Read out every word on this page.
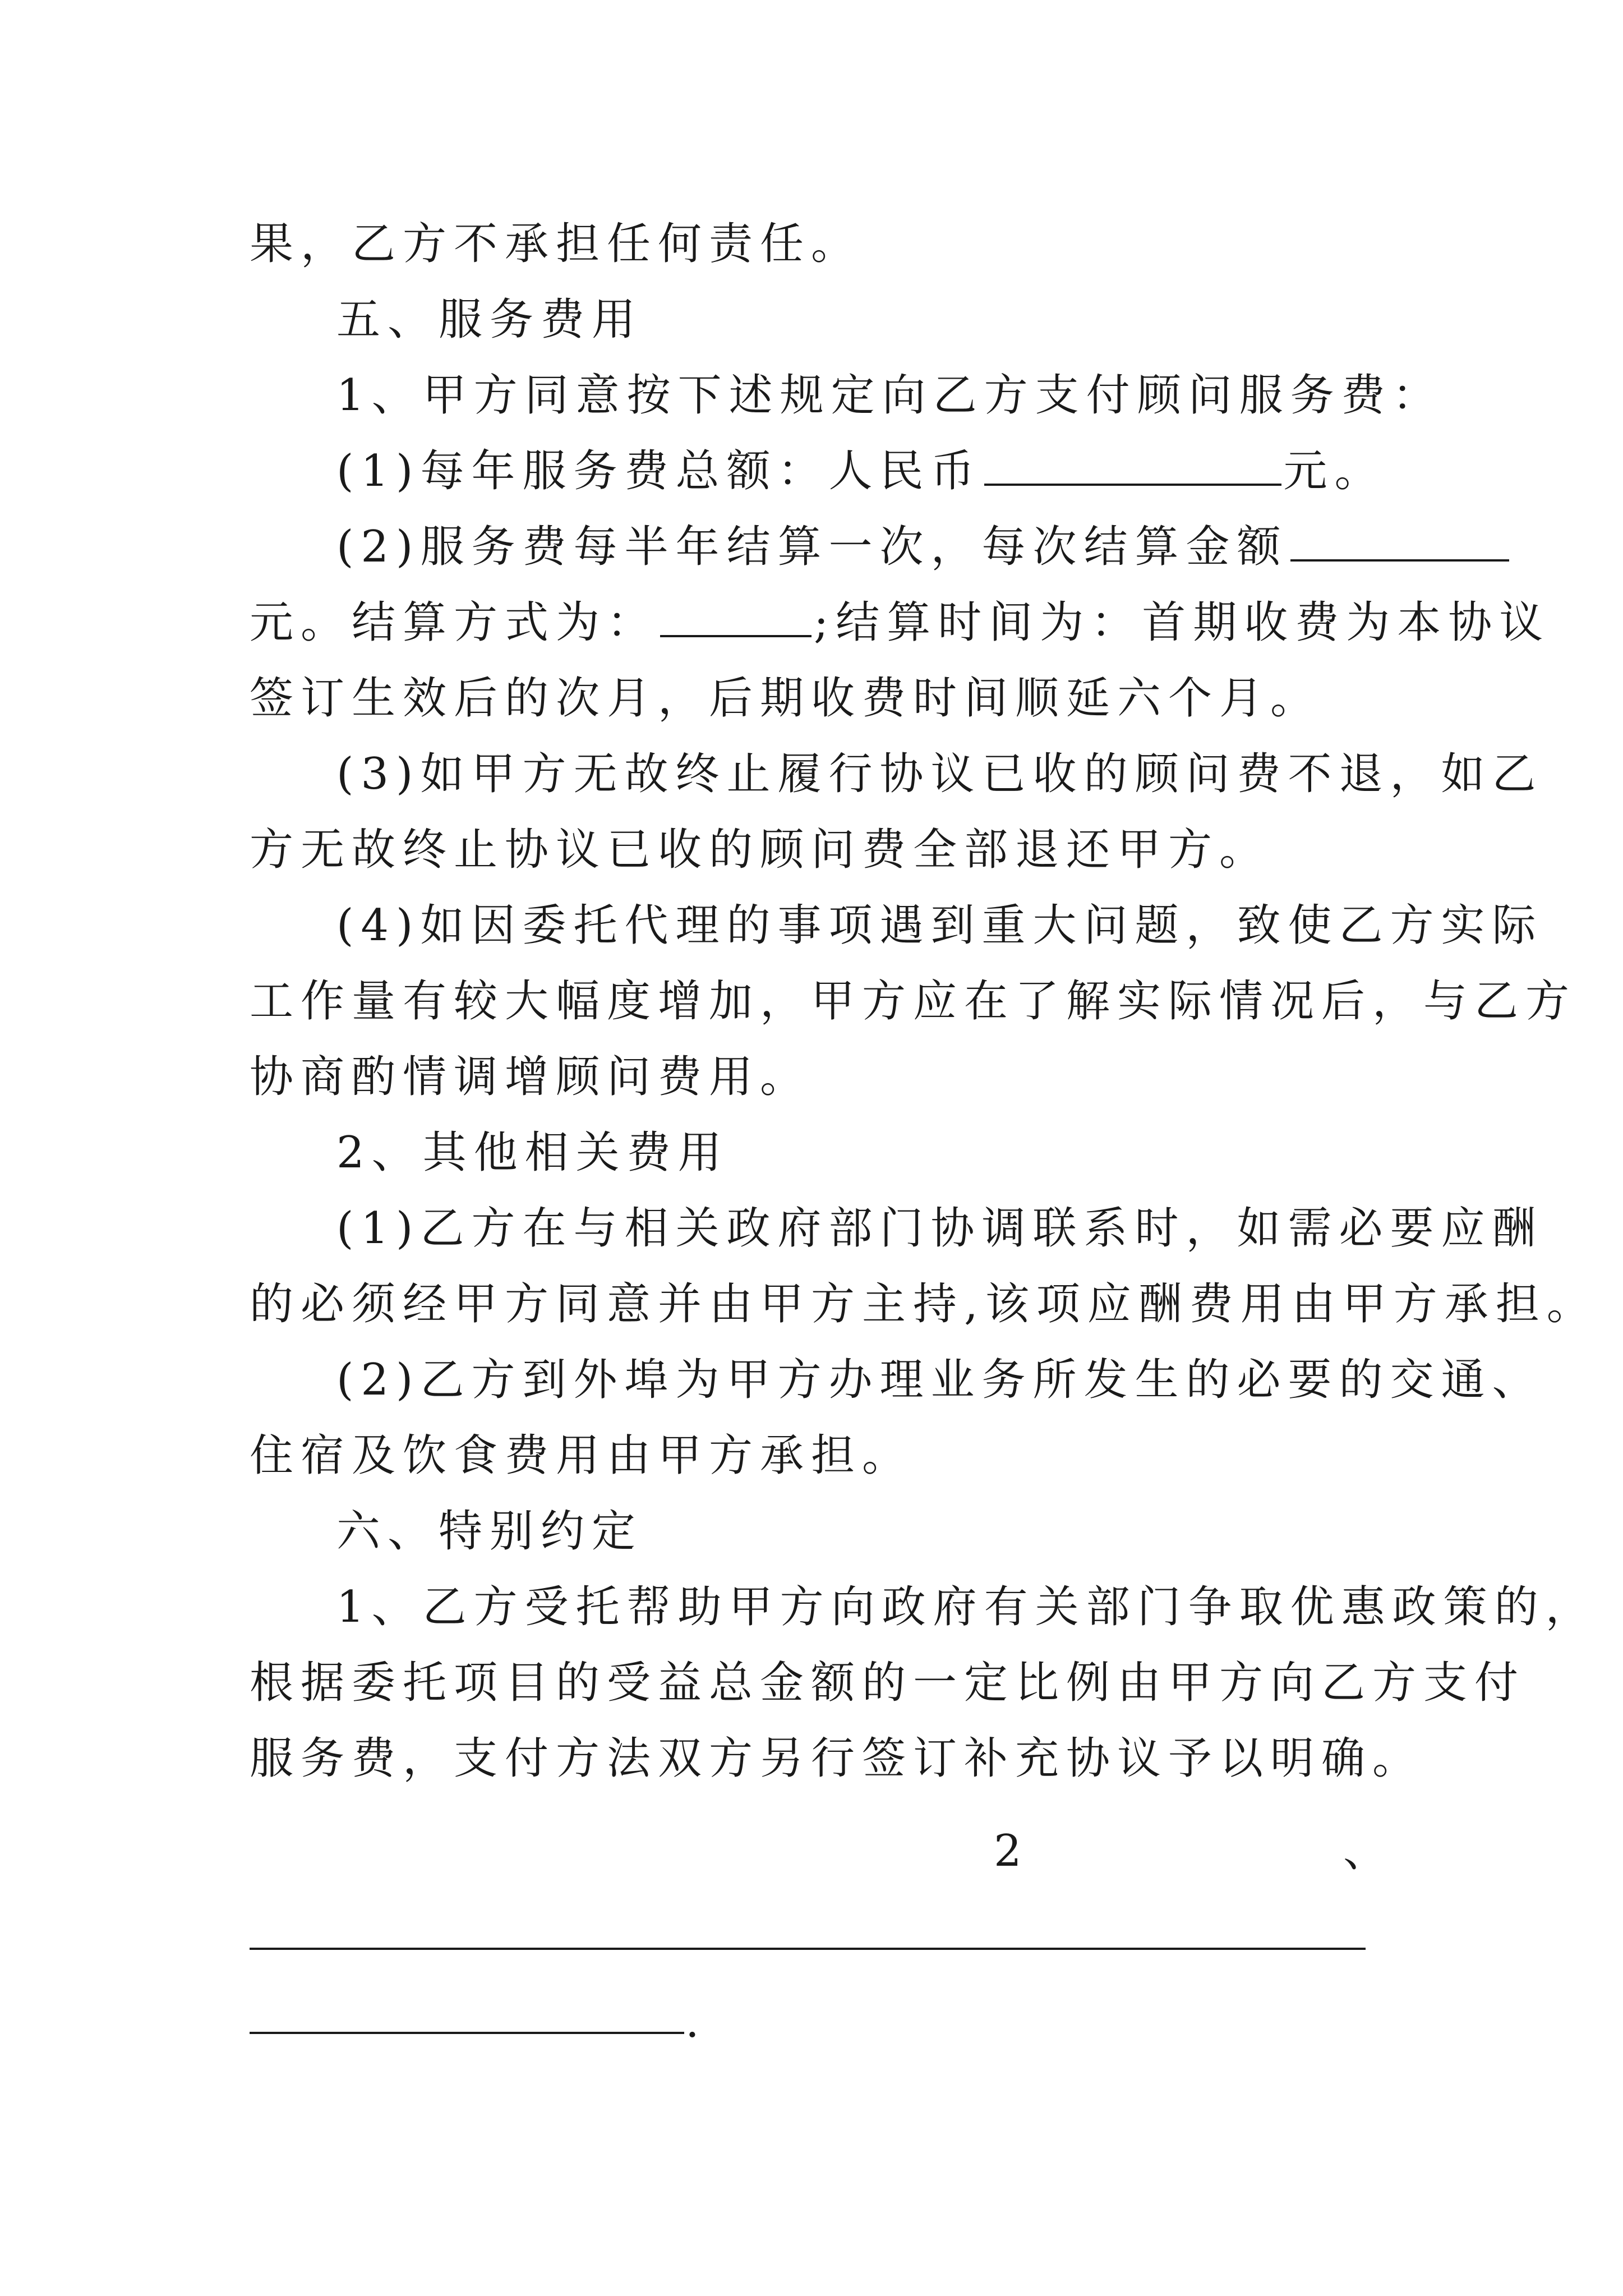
果，乙方不承担任何责任。
五、服务费用
1、甲方同意按下述规定向乙方支付顾问服务费：
(1)每年服务费总额：人民币	元。
(2)服务费每半年结算一次，每次结算金额
元。结算方式为：	;结算时间为：首期收费为本协议
签订生效后的次月，后期收费时间顺延六个月。
(3)如甲方无故终止履行协议已收的顾问费不退，如乙
方无故终止协议已收的顾问费全部退还甲方。
(4)如因委托代理的事项遇到重大问题，致使乙方实际
工作量有较大幅度增加，甲方应在了解实际情况后，与乙方
协商酌情调增顾问费用。
2、其他相关费用
(1)乙方在与相关政府部门协调联系时，如需必要应酬
的必须经甲方同意并由甲方主持,该项应酬费用由甲方承担。
(2)乙方到外埠为甲方办理业务所发生的必要的交通、
住宿及饮食费用由甲方承担。
六、特别约定
1、乙方受托帮助甲方向政府有关部门争取优惠政策的，
根据委托项目的受益总金额的一定比例由甲方向乙方支付
服务费，支付方法双方另行签订补充协议予以明确。
2	、
.
